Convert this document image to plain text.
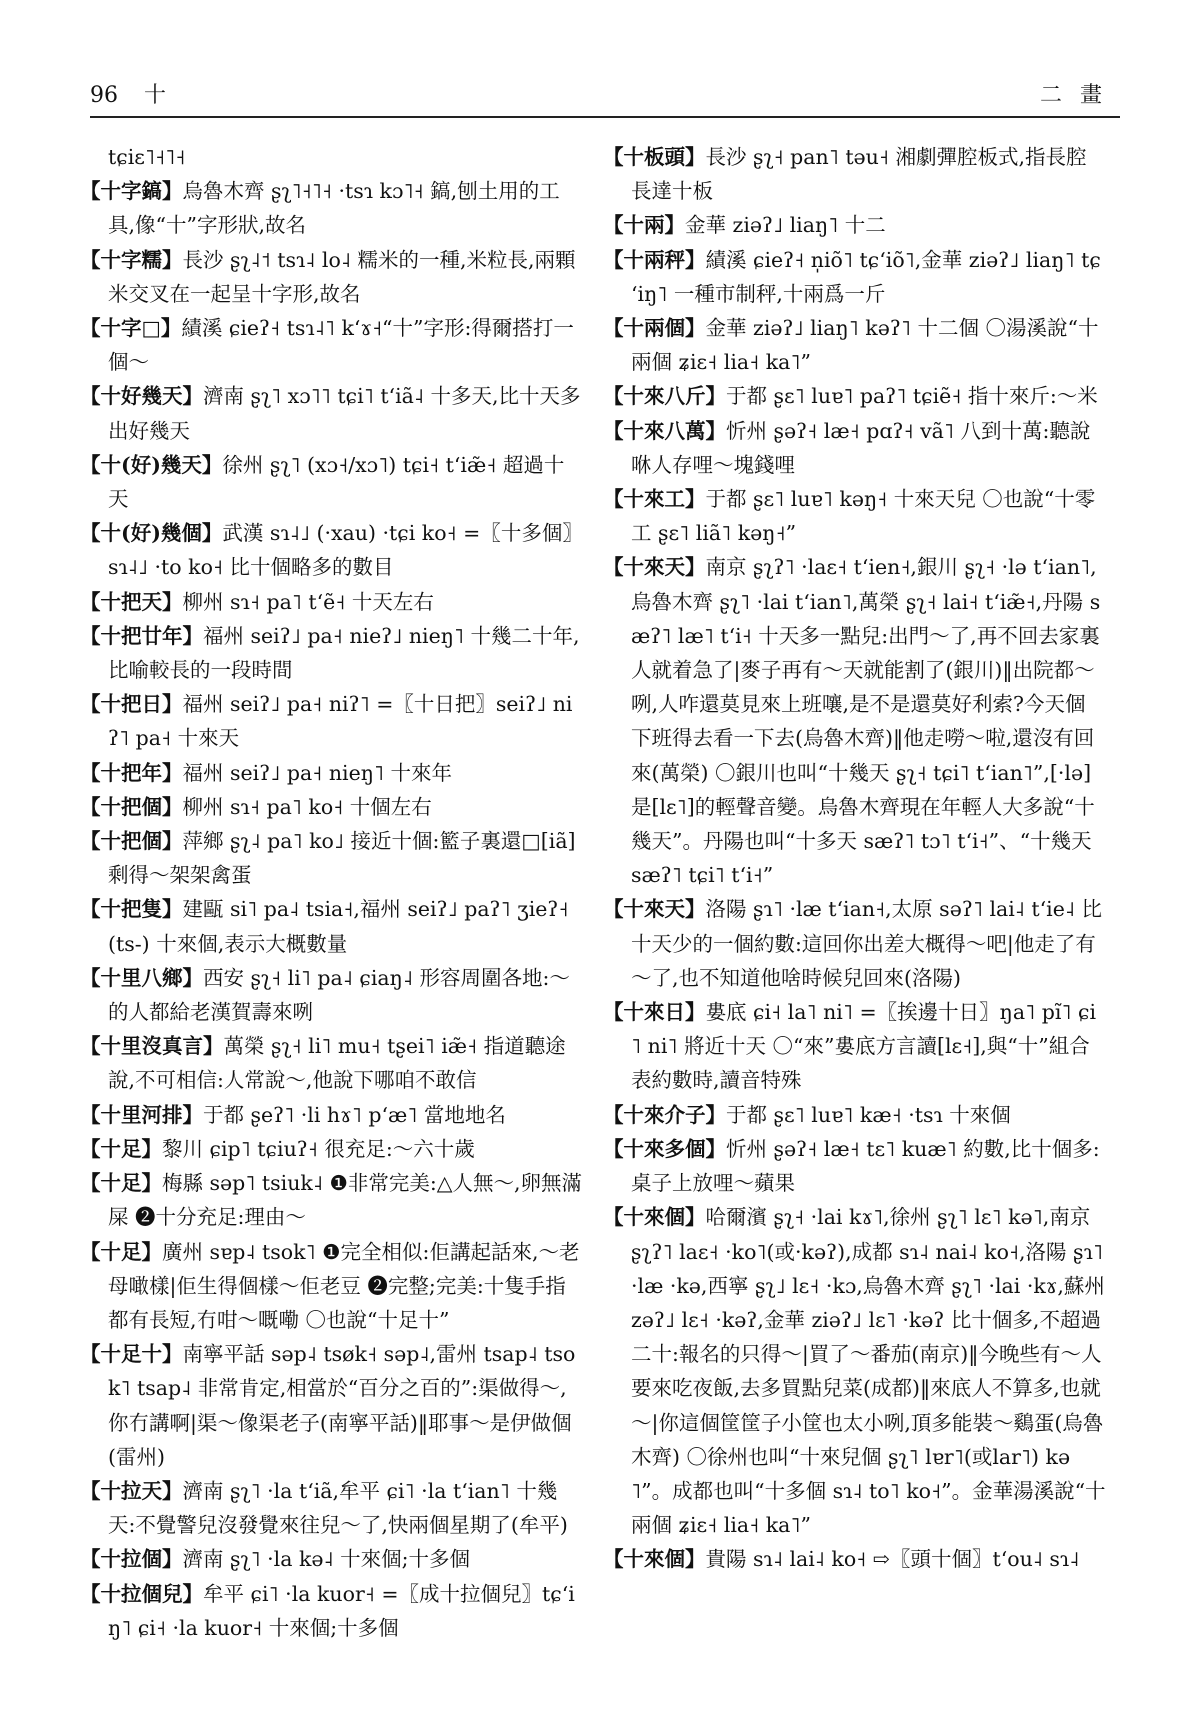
96 十	二畫

tɕiɛ˥˧˥˧

【十字鎬】烏魯木齊 ʂʅ˥˧˥˧ ·tsɿ kɔ˥˧ 鎬,刨土用的工具,像“十”字形狀,故名

【十字糯】長沙 ʂʅ˨˦ tsɿ˨ lo˨ 糯米的一種,米粒長,兩顆米交叉在一起呈十字形,故名

【十字□】績溪 ɕieʔ˧ tsɿ˨˥ kʻɤ˧“十”字形:得爾搭打一個～

【十好幾天】濟南 ʂʅ˥ xɔ˥˥ tɕi˥ tʻiã˨ 十多天,比十天多出好幾天

【十(好)幾天】徐州 ʂʅ˥ (xɔ˧/xɔ˥) tɕi˧ tʻiæ̃˧ 超過十天

【十(好)幾個】武漢 sɿ˨˩ (·xau) ·tɕi ko˧ =〖十多個〗sɿ˨˩ ·to ko˧ 比十個略多的數目

【十把天】柳州 sɿ˧ pa˥ tʻẽ˧ 十天左右

【十把廿年】福州 seiʔ˩ pa˧ nieʔ˩ nieŋ˥ 十幾二十年,比喻較長的一段時間

【十把日】福州 seiʔ˩ pa˧ niʔ˥ =〖十日把〗seiʔ˩ niʔ˥ pa˧ 十來天

【十把年】福州 seiʔ˩ pa˧ nieŋ˥ 十來年

【十把個】柳州 sɿ˧ pa˥ ko˧ 十個左右

【十把個】萍鄉 ʂʅ˨ pa˥ ko˩ 接近十個:籃子裏還□[iã]剩得～架架禽蛋

【十把隻】建甌 si˥ pa˨ tsia˧,福州 seiʔ˩ paʔ˥ ʒieʔ˧(ts-) 十來個,表示大概數量

【十里八鄉】西安 ʂʅ˧ li˥ pa˨ ɕiaŋ˨ 形容周圍各地:～的人都給老漢賀壽來咧

【十里沒真言】萬榮 ʂʅ˧ li˥ mu˧ tʂei˥ iæ̃˧ 指道聽途說,不可相信:人常說～,他說下哪咱不敢信

【十里河排】于都 ʂeʔ˥ ·li hɤ˥ pʻæ˥ 當地地名

【十足】黎川 ɕip˥ tɕiuʔ˧ 很充足:～六十歲

【十足】梅縣 səp˥ tsiuk˨ ❶非常完美:△人無～,卵無滿屎 ❷十分充足:理由～

【十足】廣州 sɐp˨ tsok˥ ❶完全相似:佢講起話來,～老母噉樣|佢生得個樣～佢老豆 ❷完整;完美:十隻手指都有長短,冇咁～嘅嘞 〇也說“十足十”

【十足十】南寧平話 səp˨ tsøk˧ səp˨,雷州 tsap˨ tsok˥ tsap˨ 非常肯定,相當於“百分之百的”:渠做得～,你冇講啊|渠～像渠老子(南寧平話)‖耶事～是伊做個(雷州)

【十拉天】濟南 ʂʅ˥ ·la tʻiã,牟平 ɕi˥ ·la tʻian˥ 十幾天:不覺警兒沒發覺來往兒～了,快兩個星期了(牟平)

【十拉個】濟南 ʂʅ˥ ·la kə˨ 十來個;十多個

【十拉個兒】牟平 ɕi˥ ·la kuor˧ =〖成十拉個兒〗tɕʻiŋ˥ ɕi˧ ·la kuor˧ 十來個;十多個

【十板頭】長沙 ʂʅ˧ pan˥ təu˧ 湘劇彈腔板式,指長腔長達十板

【十兩】金華 ziəʔ˩ liaŋ˥ 十二

【十兩秤】績溪 ɕieʔ˧ n̩iõ˥ tɕʻiõ˥,金華 ziəʔ˩ liaŋ˥ tɕʻiŋ˥ 一種市制秤,十兩爲一斤

【十兩個】金華 ziəʔ˩ liaŋ˥ kəʔ˥ 十二個 〇湯溪說“十兩個 ʑiɛ˧ lia˧ ka˥”

【十來八斤】于都 ʂɛ˥ luɐ˥ paʔ˥ tɕiẽ˧ 指十來斤:～米

【十來八萬】忻州 ʂəʔ˧ læ˧ pɑʔ˧ vã˥ 八到十萬:聽說咻人存哩～塊錢哩

【十來工】于都 ʂɛ˥ luɐ˥ kəŋ˧ 十來天兒 〇也說“十零工 ʂɛ˥ liã˥ kəŋ˧”

【十來天】南京 ʂʅʔ˥ ·laɛ˧ tʻien˧,銀川 ʂʅ˧ ·lə tʻian˥,烏魯木齊 ʂʅ˥ ·lai tʻian˥,萬榮 ʂʅ˧ lai˧ tʻiæ̃˧,丹陽 sæʔ˥ læ˥ tʻi˧ 十天多一點兒:出門～了,再不回去家裏人就着急了|麥子再有～天就能割了(銀川)‖出院都～咧,人咋還莫見來上班嚷,是不是還莫好利索?今天個下班得去看一下去(烏魯木齊)‖他走嘮～啦,還沒有回來(萬榮) 〇銀川也叫“十幾天 ʂʅ˧ tɕi˥ tʻian˥”,[·lə]是[lɛ˥]的輕聲音變。烏魯木齊現在年輕人大多說“十幾天”。丹陽也叫“十多天 sæʔ˥ tɔ˥ tʻi˧”、“十幾天 sæʔ˥ tɕi˥ tʻi˧”

【十來天】洛陽 ʂɿ˥ ·læ tʻian˧,太原 səʔ˥ lai˨ tʻie˨ 比十天少的一個約數:這回你出差大概得～吧|他走了有～了,也不知道他啥時候兒回來(洛陽)

【十來日】婁底 ɕi˧ la˥ ni˥ =〖挨邊十日〗ŋa˥ pĩ˥ ɕi˥ ni˥ 將近十天 〇“來”婁底方言讀[lɛ˧],與“十”組合表約數時,讀音特殊

【十來介子】于都 ʂɛ˥ luɐ˥ kæ˧ ·tsɿ 十來個

【十來多個】忻州 ʂəʔ˧ læ˧ tɛ˥ kuæ˥ 約數,比十個多:桌子上放哩～蘋果

【十來個】哈爾濱 ʂʅ˧ ·lai kɤ˥,徐州 ʂʅ˥ lɛ˥ kə˥,南京 ʂʅʔ˥ laɛ˧ ·ko˥(或·kəʔ),成都 sɿ˨ nai˨ ko˧,洛陽 ʂɿ˥ ·læ ·kə,西寧 ʂʅ˩ lɛ˧ ·kɔ,烏魯木齊 ʂʅ˥ ·lai ·kɤ,蘇州 zəʔ˩ lɛ˧ ·kəʔ,金華 ziəʔ˩ lɛ˥ ·kəʔ 比十個多,不超過二十:報名的只得～|買了～番茄(南京)‖今晚些有～人要來吃夜飯,去多買點兒菜(成都)‖來底人不算多,也就～|你這個筐筐子小筐也太小咧,頂多能裝～鷄蛋(烏魯木齊) 〇徐州也叫“十來兒個 ʂʅ˥ lɐr˥(或lar˥) kə˥”。成都也叫“十多個 sɿ˨ to˥ ko˧”。金華湯溪說“十兩個 ʑiɛ˧ lia˧ ka˥”

【十來個】貴陽 sɿ˨ lai˨ ko˧ ⇨〖頭十個〗tʻou˨ sɿ˨
